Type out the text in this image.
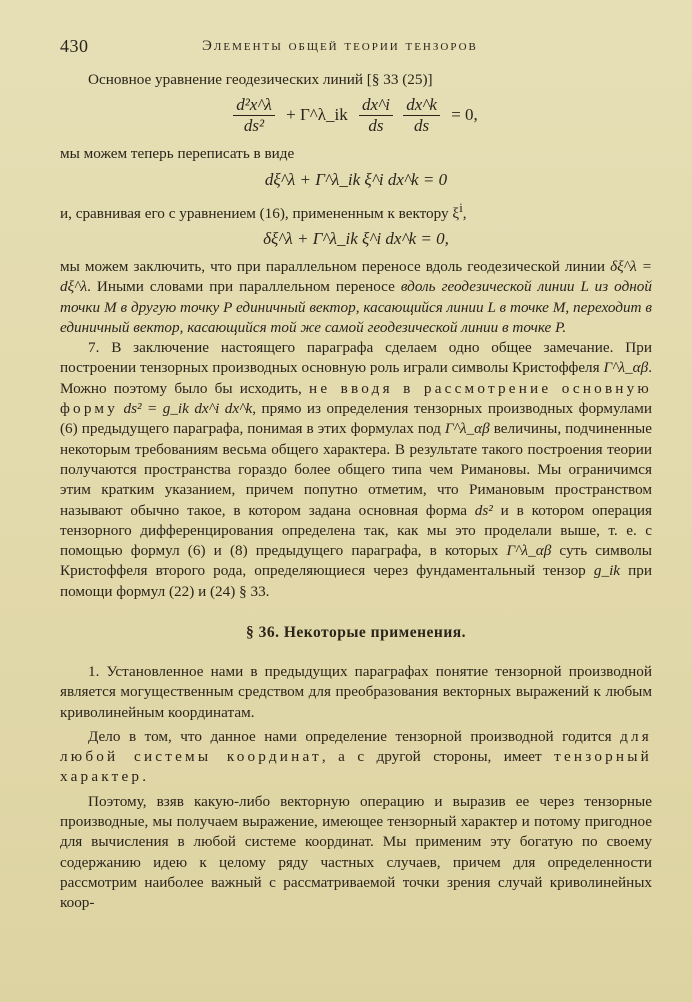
430	Элементы общей теории тензоров

Основное уравнение геодезических линий [§ 33 (25)]

$\frac{\text{d²x\textasciicircum{}λ}}{\text{ds²}}$ + Γ^λ_ik $\frac{dx\^{}i}{ds}$
$\frac{dx\^{}k}{ds} = 0$,

мы можем теперь переписать в виде

dξ^λ + Γ^λ_ik ξ^i dx^k = 0

и, сравнивая его с уравнением (16), примененным к вектору $\xi^i$,

δξ^λ + Γ^λ_ik ξ^i dx^k = 0,

мы можем заключить, что при параллельном переносе вдоль геодезической линии δξ^λ = dξ^λ. Иными словами при параллельном переносе вдоль геодезической линии L из одной точки M в другую точку P единичный вектор, касающийся линии L в точке M, переходит в единичный вектор, касающийся той же самой геодезической линии в точке P.

7. В заключение настоящего параграфа сделаем одно общее замечание. При построении тензорных производных основную роль играли символы Кристоффеля Γ^λ_αβ. Можно поэтому было бы исходить, не вводя в рассмотрение основную форму ds² = g_ik dx^i dx^k, прямо из определения тензорных производных формулами (6) предыдущего параграфа, понимая в этих формулах под Γ^λ_αβ величины, подчиненные некоторым требованиям весьма общего характера. В результате такого построения теории получаются пространства гораздо более общего типа чем Римановы. Мы ограничимся этим кратким указанием, причем попутно отметим, что Римановым пространством называют обычно такое, в котором задана основная форма ds² и в котором операция тензорного дифференцирования определена так, как мы это проделали выше, т. е. с помощью формул (6) и (8) предыдущего параграфа, в которых Γ^λ_αβ суть символы Кристоффеля второго рода, определяющиеся через фундаментальный тензор g_ik при помощи формул (22) и (24) § 33.

§ 36. Некоторые применения.

1. Установленное нами в предыдущих параграфах понятие тензорной производной является могущественным средством для преобразования векторных выражений к любым криволинейным координатам.

Дело в том, что данное нами определение тензорной производной годится для любой системы координат, а с другой стороны, имеет тензорный характер.

Поэтому, взяв какую-либо векторную операцию и выразив ее через тензорные производные, мы получаем выражение, имеющее тензорный характер и потому пригодное для вычисления в любой системе координат. Мы применим эту богатую по своему содержанию идею к целому ряду частных случаев, причем для определенности рассмотрим наиболее важный с рассматриваемой точки зрения случай криволинейных коор-
